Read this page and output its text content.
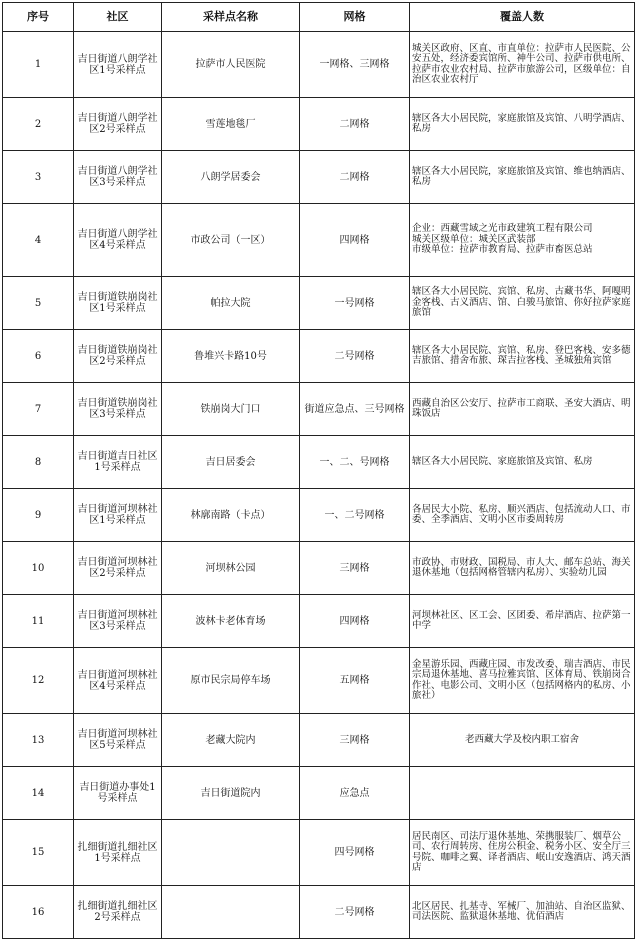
序号	社区	采样点名称	网格	覆盖人数
1	吉日街道八朗学社区1号采样点	拉萨市人民医院	一网格、三网格	城关区政府、区直、市直单位：拉萨市人民医院、公安五处，经济委宾馆所、神牛公司、拉萨市供电所、拉萨市农业农村局、拉萨市旅游公司，区级单位：自治区农业农村厅
2	吉日街道八朗学社区2号采样点	雪莲地毯厂	二网格	辖区各大小居民院，家庭旅馆及宾馆、八明学酒店、私房
3	吉日街道八朗学社区3号采样点	八朗学居委会	二网格	辖区各大小居民院，家庭旅馆及宾馆、维也纳酒店、私房
4	吉日街道八朗学社区4号采样点	市政公司（一区）	四网格	企业：西藏雪域之光市政建筑工程有限公司
城关区级单位：城关区武装部
市级单位：拉萨市教育局、拉萨市畜医总站
5	吉日街道铁崩岗社区1号采样点	帕拉大院	一号网格	辖区各大小居民院、宾馆、私房、古藏书华、阿嘎明金客栈、古义酒店、馆、白骏马旅馆、你好拉萨家庭旅馆
6	吉日街道铁崩岗社区2号采样点	鲁堆兴卡路10号	二号网格	辖区各大小居民院、宾馆、私房、登巴客栈、安多德吉旅馆、措舍布旅、琛吉拉客栈、圣城独角宾馆
7	吉日街道铁崩岗社区3号采样点	铁崩岗大门口	街道应急点、三号网格	西藏自治区公安厅、拉萨市工商联、圣安大酒店、明珠饭店
8	吉日街道吉日社区1号采样点	吉日居委会	一、二、号网格	辖区各大小居民院、家庭旅馆及宾馆、私房
9	吉日街道河坝林社区1号采样点	林廓南路（卡点）	一、二号网格	各居民大小院、私房、顺兴酒店、包括流动人口、市委、全季酒店、文明小区市委周转房
10	吉日街道河坝林社区2号采样点	河坝林公园	三网格	市政协、市财政、国税局、市人大、邮车总站、海关退休基地（包括网格管辖内私房）、实验幼儿园
11	吉日街道河坝林社区3号采样点	波林卡老体育场	四网格	河坝林社区、区工会、区团委、希岸酒店、拉萨第一中学
12	吉日街道河坝林社区4号采样点	原市民宗局停车场	五网格	金星游乐园、西藏庄园、市发改委、瑞吉酒店、市民宗局退休基地、喜马拉雅宾馆、区体育局、铁崩岗合作社、电影公司、文明小区（包括网格内的私房、小旅社）
13	吉日街道河坝林社区5号采样点	老藏大院内	三网格	老西藏大学及校内职工宿舍
14	吉日街道办事处1号采样点	吉日街道院内	应急点	
15	扎细街道扎细社区1号采样点		四号网格	居民南区、司法厅退休基地、荣携服装厂、烟草公司、农行周转房、住房公积金、税务小区、安全厅三号院、咖啡之翼、译者酒店、岷山安逸酒店、鸿天酒店
16	扎细街道扎细社区2号采样点		二号网格	北区居民、扎基寺、军械厂、加油站、自治区监狱、司法医院、监狱退休基地、优佰酒店
